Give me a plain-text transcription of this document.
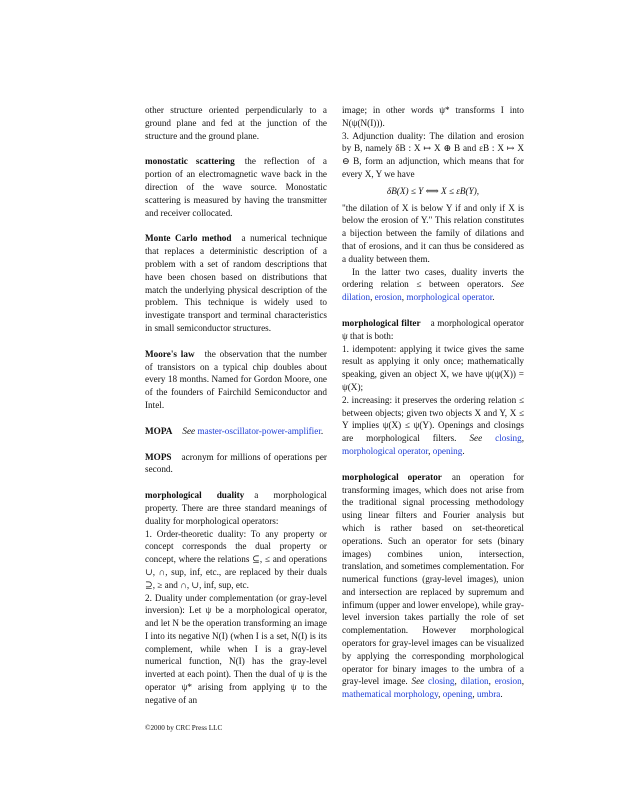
other structure oriented perpendicularly to a ground plane and fed at the junction of the structure and the ground plane.

monostatic scattering the reflection of a portion of an electromagnetic wave back in the direction of the wave source. Monostatic scattering is measured by having the transmitter and receiver collocated.

Monte Carlo method a numerical technique that replaces a deterministic description of a problem with a set of random descriptions that have been chosen based on distributions that match the underlying physical description of the problem. This technique is widely used to investigate transport and terminal characteristics in small semiconductor structures.

Moore's law the observation that the number of transistors on a typical chip doubles about every 18 months. Named for Gordon Moore, one of the founders of Fairchild Semiconductor and Intel.

MOPA See master-oscillator-power-amplifier.

MOPS acronym for millions of operations per second.

morphological duality a morphological property. There are three standard meanings of duality for morphological operators:

1. Order-theoretic duality: To any property or concept corresponds the dual property or concept, where the relations ⊆, ≤ and operations ∪, ∩, sup, inf, etc., are replaced by their duals ⊇, ≥ and ∩, ∪, inf, sup, etc.

2. Duality under complementation (or gray-level inversion): Let ψ be a morphological operator, and let N be the operation transforming an image I into its negative N(I) (when I is a set, N(I) is its complement, while when I is a gray-level numerical function, N(I) has the gray-level inverted at each point). Then the dual of ψ is the operator ψ* arising from applying ψ to the negative of an

image; in other words ψ* transforms I into N(ψ(N(I))).

3. Adjunction duality: The dilation and erosion by B, namely δB : X ↦ X ⊕ B and εB : X ↦ X ⊖ B, form an adjunction, which means that for every X, Y we have

δB(X) ≤ Y ⟺ X ≤ εB(Y),

"the dilation of X is below Y if and only if X is below the erosion of Y." This relation constitutes a bijection between the family of dilations and that of erosions, and it can thus be considered as a duality between them.

In the latter two cases, duality inverts the ordering relation ≤ between operators. See dilation, erosion, morphological operator.

morphological filter a morphological operator ψ that is both:

1. idempotent: applying it twice gives the same result as applying it only once; mathematically speaking, given an object X, we have ψ(ψ(X)) = ψ(X);

2. increasing: it preserves the ordering relation ≤ between objects; given two objects X and Y, X ≤ Y implies ψ(X) ≤ ψ(Y). Openings and closings are morphological filters. See closing, morphological operator, opening.

morphological operator an operation for transforming images, which does not arise from the traditional signal processing methodology using linear filters and Fourier analysis but which is rather based on set-theoretical operations. Such an operator for sets (binary images) combines union, intersection, translation, and sometimes complementation. For numerical functions (gray-level images), union and intersection are replaced by supremum and infimum (upper and lower envelope), while gray-level inversion takes partially the role of set complementation. However morphological operators for gray-level images can be visualized by applying the corresponding morphological operator for binary images to the umbra of a gray-level image. See closing, dilation, erosion, mathematical morphology, opening, umbra.

©2000 by CRC Press LLC
